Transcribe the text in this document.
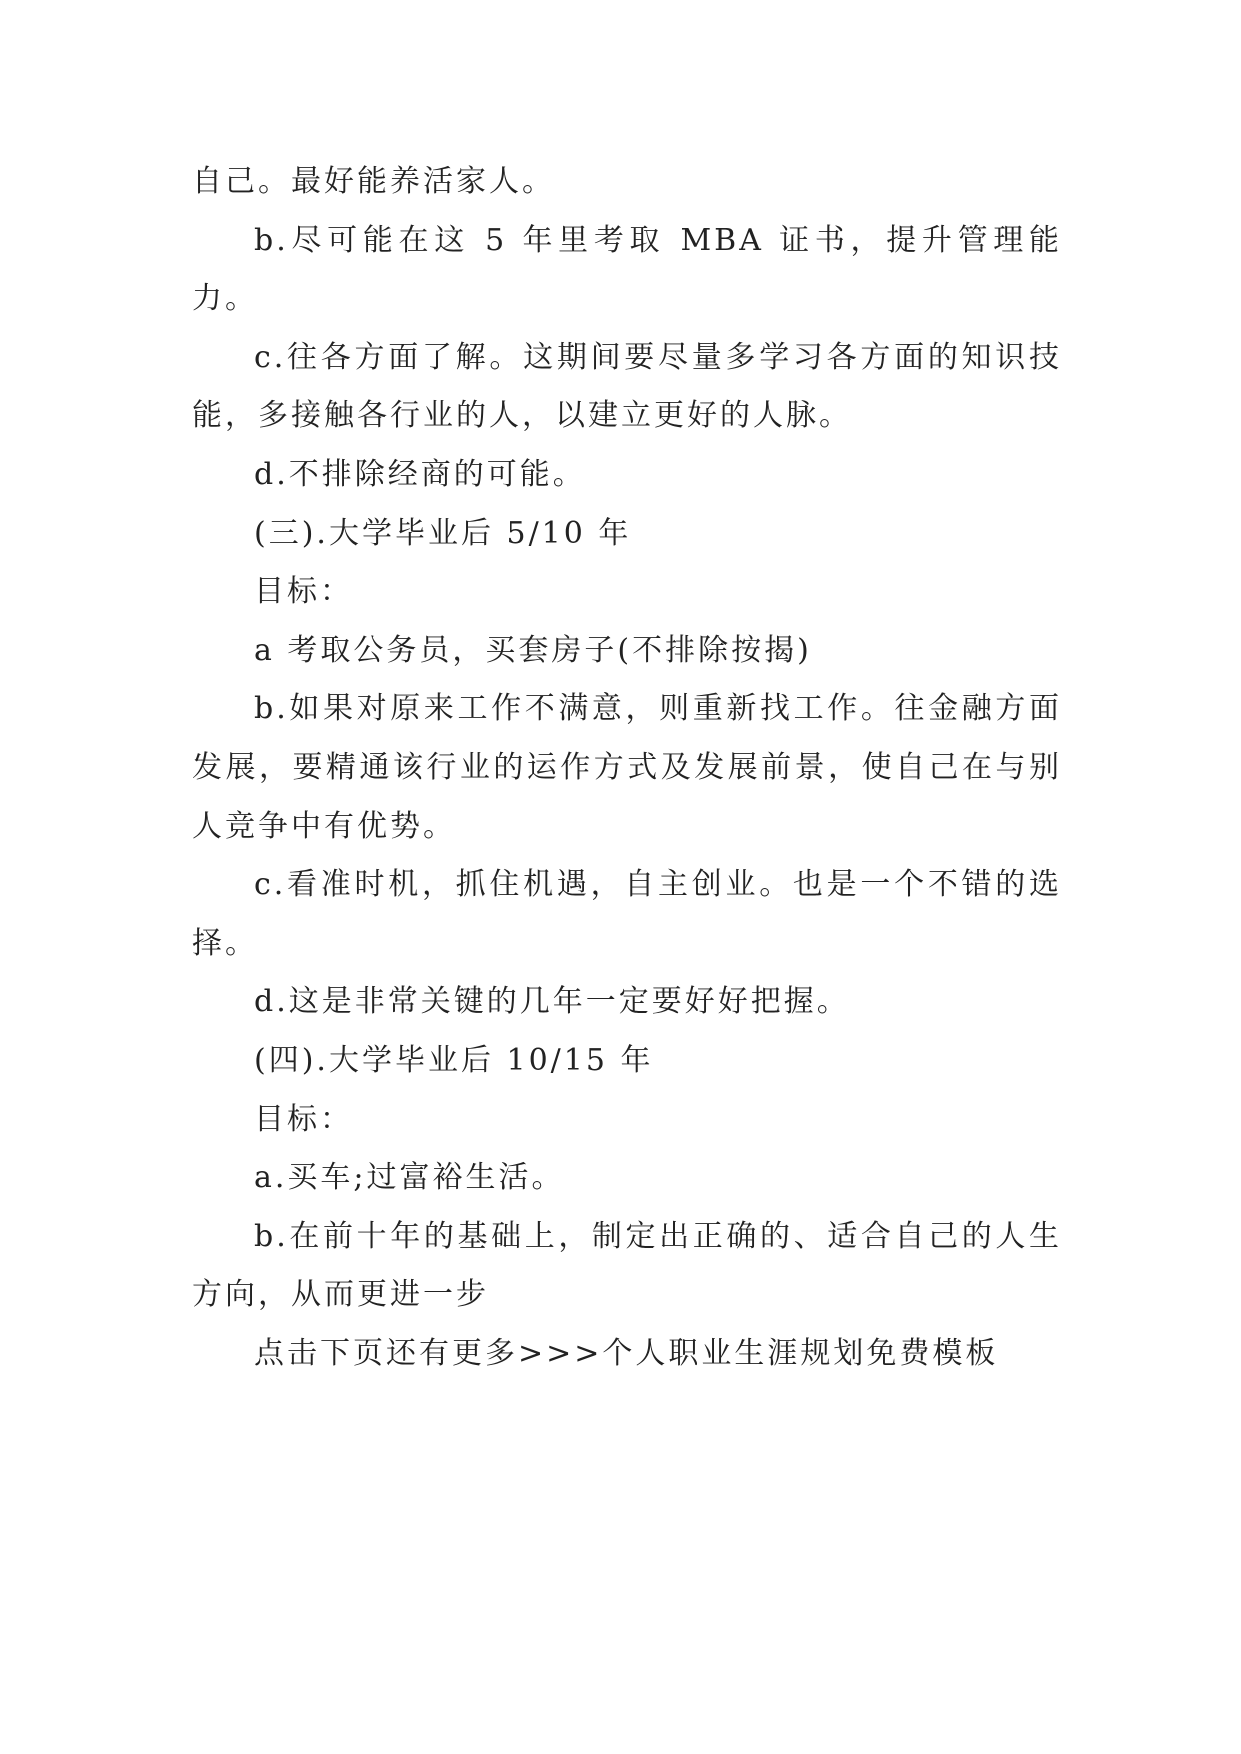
自己。最好能养活家人。

b.尽可能在这 5 年里考取 MBA 证书，提升管理能力。

c.往各方面了解。这期间要尽量多学习各方面的知识技能，多接触各行业的人，以建立更好的人脉。

d.不排除经商的可能。

(三).大学毕业后 5/10 年

目标：

a 考取公务员，买套房子(不排除按揭)

b.如果对原来工作不满意，则重新找工作。往金融方面发展，要精通该行业的运作方式及发展前景，使自己在与别人竞争中有优势。

c.看准时机，抓住机遇，自主创业。也是一个不错的选择。

d.这是非常关键的几年一定要好好把握。

(四).大学毕业后 10/15 年

目标：

a.买车;过富裕生活。

b.在前十年的基础上，制定出正确的、适合自己的人生方向，从而更进一步

点击下页还有更多>>>个人职业生涯规划免费模板
